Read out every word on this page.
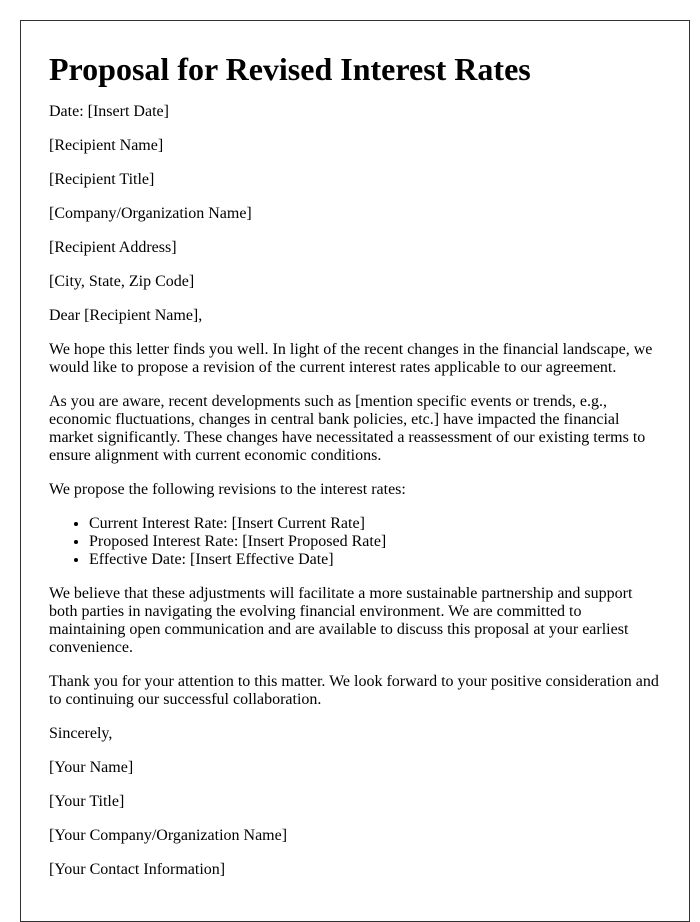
Proposal for Revised Interest Rates

Date: [Insert Date]

[Recipient Name]

[Recipient Title]

[Company/Organization Name]

[Recipient Address]

[City, State, Zip Code]

Dear [Recipient Name],

We hope this letter finds you well. In light of the recent changes in the financial landscape, we would like to propose a revision of the current interest rates applicable to our agreement.

As you are aware, recent developments such as [mention specific events or trends, e.g., economic fluctuations, changes in central bank policies, etc.] have impacted the financial market significantly. These changes have necessitated a reassessment of our existing terms to ensure alignment with current economic conditions.

We propose the following revisions to the interest rates:

• Current Interest Rate: [Insert Current Rate]
• Proposed Interest Rate: [Insert Proposed Rate]
• Effective Date: [Insert Effective Date]

We believe that these adjustments will facilitate a more sustainable partnership and support both parties in navigating the evolving financial environment. We are committed to maintaining open communication and are available to discuss this proposal at your earliest convenience.

Thank you for your attention to this matter. We look forward to your positive consideration and to continuing our successful collaboration.

Sincerely,

[Your Name]

[Your Title]

[Your Company/Organization Name]

[Your Contact Information]
